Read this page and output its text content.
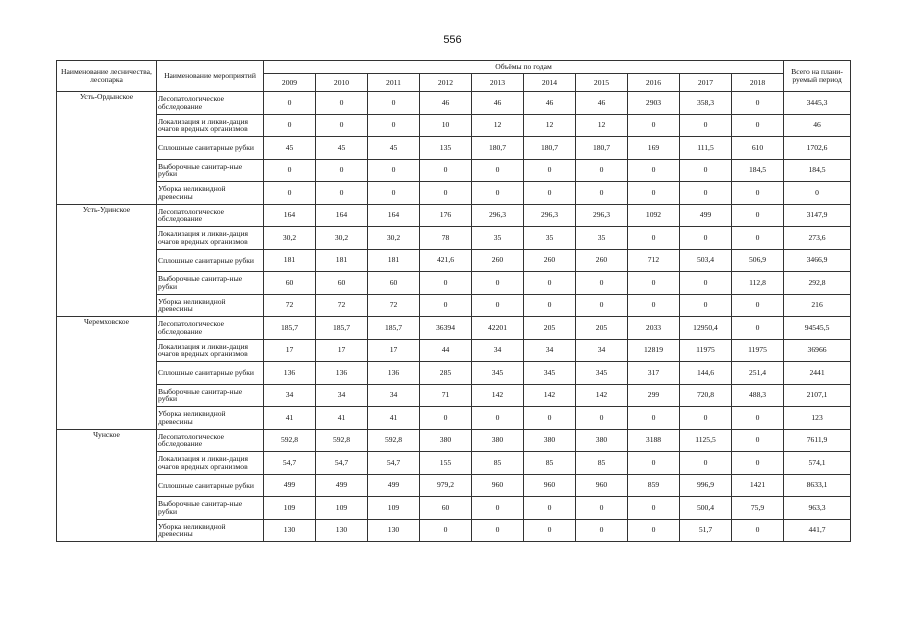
556
Наименование лесничества, лесопарка	Наименование мероприятий	Объёмы по годам										Всего на плани-руемый период
		2009	2010	2011	2012	2013	2014	2015	2016	2017	2018	
Усть-Ордынское	Лесопатологическое обследование	0	0	0	46	46	46	46	2903	358,3	0	3445,3
	Локализация и ликви-дация очагов вредных организмов	0	0	0	10	12	12	12	0	0	0	46
	Сплошные санитарные рубки	45	45	45	135	180,7	180,7	180,7	169	111,5	610	1702,6
	Выборочные санитар-ные рубки	0	0	0	0	0	0	0	0	0	184,5	184,5
	Уборка неликвидной древесины	0	0	0	0	0	0	0	0	0	0	0
Усть-Удинское	Лесопатологическое обследование	164	164	164	176	296,3	296,3	296,3	1092	499	0	3147,9
	Локализация и ликви-дация очагов вредных организмов	30,2	30,2	30,2	78	35	35	35	0	0	0	273,6
	Сплошные санитарные рубки	181	181	181	421,6	260	260	260	712	503,4	506,9	3466,9
	Выборочные санитар-ные рубки	60	60	60	0	0	0	0	0	0	112,8	292,8
	Уборка неликвидной древесины	72	72	72	0	0	0	0	0	0	0	216
Черемховское	Лесопатологическое обследование	185,7	185,7	185,7	36394	42201	205	205	2033	12950,4	0	94545,5
	Локализация и ликви-дация очагов вредных организмов	17	17	17	44	34	34	34	12819	11975	11975	36966
	Сплошные санитарные рубки	136	136	136	285	345	345	345	317	144,6	251,4	2441
	Выборочные санитар-ные рубки	34	34	34	71	142	142	142	299	720,8	488,3	2107,1
	Уборка неликвидной древесины	41	41	41	0	0	0	0	0	0	0	123
Чунское	Лесопатологическое обследование	592,8	592,8	592,8	380	380	380	380	3188	1125,5	0	7611,9
	Локализация и ликви-дация очагов вредных организмов	54,7	54,7	54,7	155	85	85	85	0	0	0	574,1
	Сплошные санитарные рубки	499	499	499	979,2	960	960	960	859	996,9	1421	8633,1
	Выборочные санитар-ные рубки	109	109	109	60	0	0	0	0	500,4	75,9	963,3
	Уборка неликвидной древесины	130	130	130	0	0	0	0	0	51,7	0	441,7
